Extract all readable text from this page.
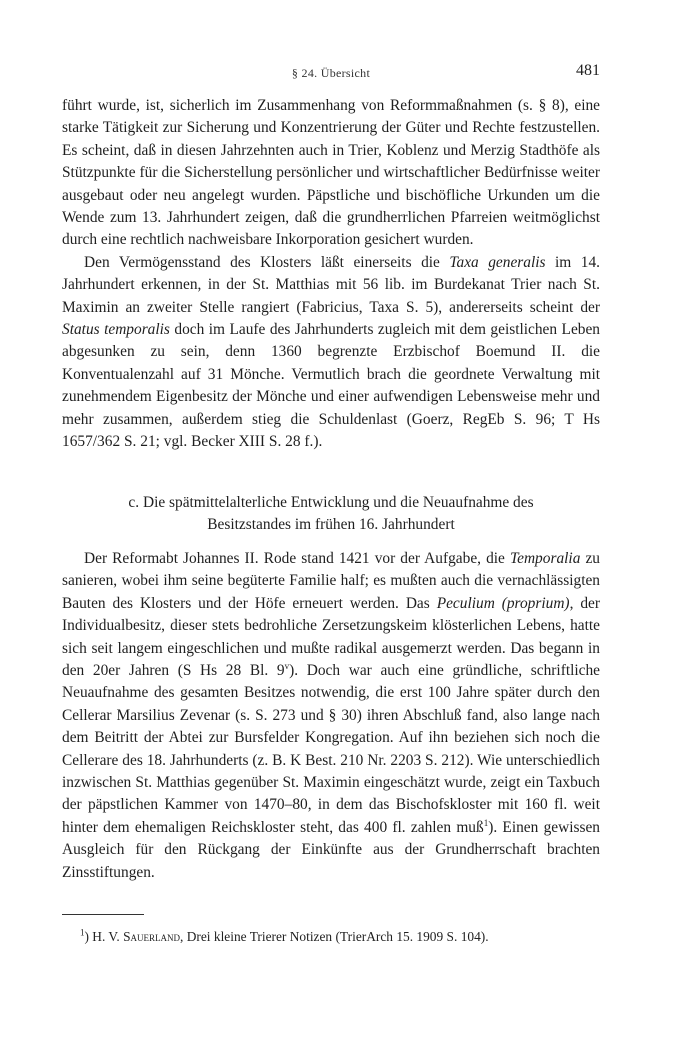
§ 24. Übersicht	481

führt wurde, ist, sicherlich im Zusammenhang von Reformmaßnahmen (s. § 8), eine starke Tätigkeit zur Sicherung und Konzentrierung der Güter und Rechte festzustellen. Es scheint, daß in diesen Jahrzehnten auch in Trier, Koblenz und Merzig Stadthöfe als Stützpunkte für die Sicherstellung persönlicher und wirtschaftlicher Bedürfnisse weiter ausgebaut oder neu angelegt wurden. Päpstliche und bischöfliche Urkunden um die Wende zum 13. Jahrhundert zeigen, daß die grundherrlichen Pfarreien weitmöglichst durch eine rechtlich nachweisbare Inkorporation gesichert wurden.

Den Vermögensstand des Klosters läßt einerseits die Taxa generalis im 14. Jahrhundert erkennen, in der St. Matthias mit 56 lib. im Burdekanat Trier nach St. Maximin an zweiter Stelle rangiert (Fabricius, Taxa S. 5), andererseits scheint der Status temporalis doch im Laufe des Jahrhunderts zugleich mit dem geistlichen Leben abgesunken zu sein, denn 1360 begrenzte Erzbischof Boemund II. die Konventualenzahl auf 31 Mönche. Vermutlich brach die geordnete Verwaltung mit zunehmendem Eigenbesitz der Mönche und einer aufwendigen Lebensweise mehr und mehr zusammen, außerdem stieg die Schuldenlast (Goerz, RegEb S. 96; T Hs 1657/362 S. 21; vgl. Becker XIII S. 28 f.).

c. Die spätmittelalterliche Entwicklung und die Neuaufnahme des
Besitzstandes im frühen 16. Jahrhundert

Der Reformabt Johannes II. Rode stand 1421 vor der Aufgabe, die Temporalia zu sanieren, wobei ihm seine begüterte Familie half; es mußten auch die vernachlässigten Bauten des Klosters und der Höfe erneuert werden. Das Peculium (proprium), der Individualbesitz, dieser stets bedrohliche Zersetzungskeim klösterlichen Lebens, hatte sich seit langem eingeschlichen und mußte radikal ausgemerzt werden. Das begann in den 20er Jahren (S Hs 28 Bl. 9$^v$). Doch war auch eine gründliche, schriftliche Neuaufnahme des gesamten Besitzes notwendig, die erst 100 Jahre später durch den Cellerar Marsilius Zevenar (s. S. 273 und § 30) ihren Abschluß fand, also lange nach dem Beitritt der Abtei zur Bursfelder Kongregation. Auf ihn beziehen sich noch die Cellerare des 18. Jahrhunderts (z. B. K Best. 210 Nr. 2203 S. 212). Wie unterschiedlich inzwischen St. Matthias gegenüber St. Maximin eingeschätzt wurde, zeigt ein Taxbuch der päpstlichen Kammer von 1470–80, in dem das Bischofskloster mit 160 fl. weit hinter dem ehemaligen Reichskloster steht, das 400 fl. zahlen muß$^1$). Einen gewissen Ausgleich für den Rückgang der Einkünfte aus der Grundherrschaft brachten Zinsstiftungen.

$^1$) H. V. Sauerland, Drei kleine Trierer Notizen (TrierArch 15. 1909 S. 104).
